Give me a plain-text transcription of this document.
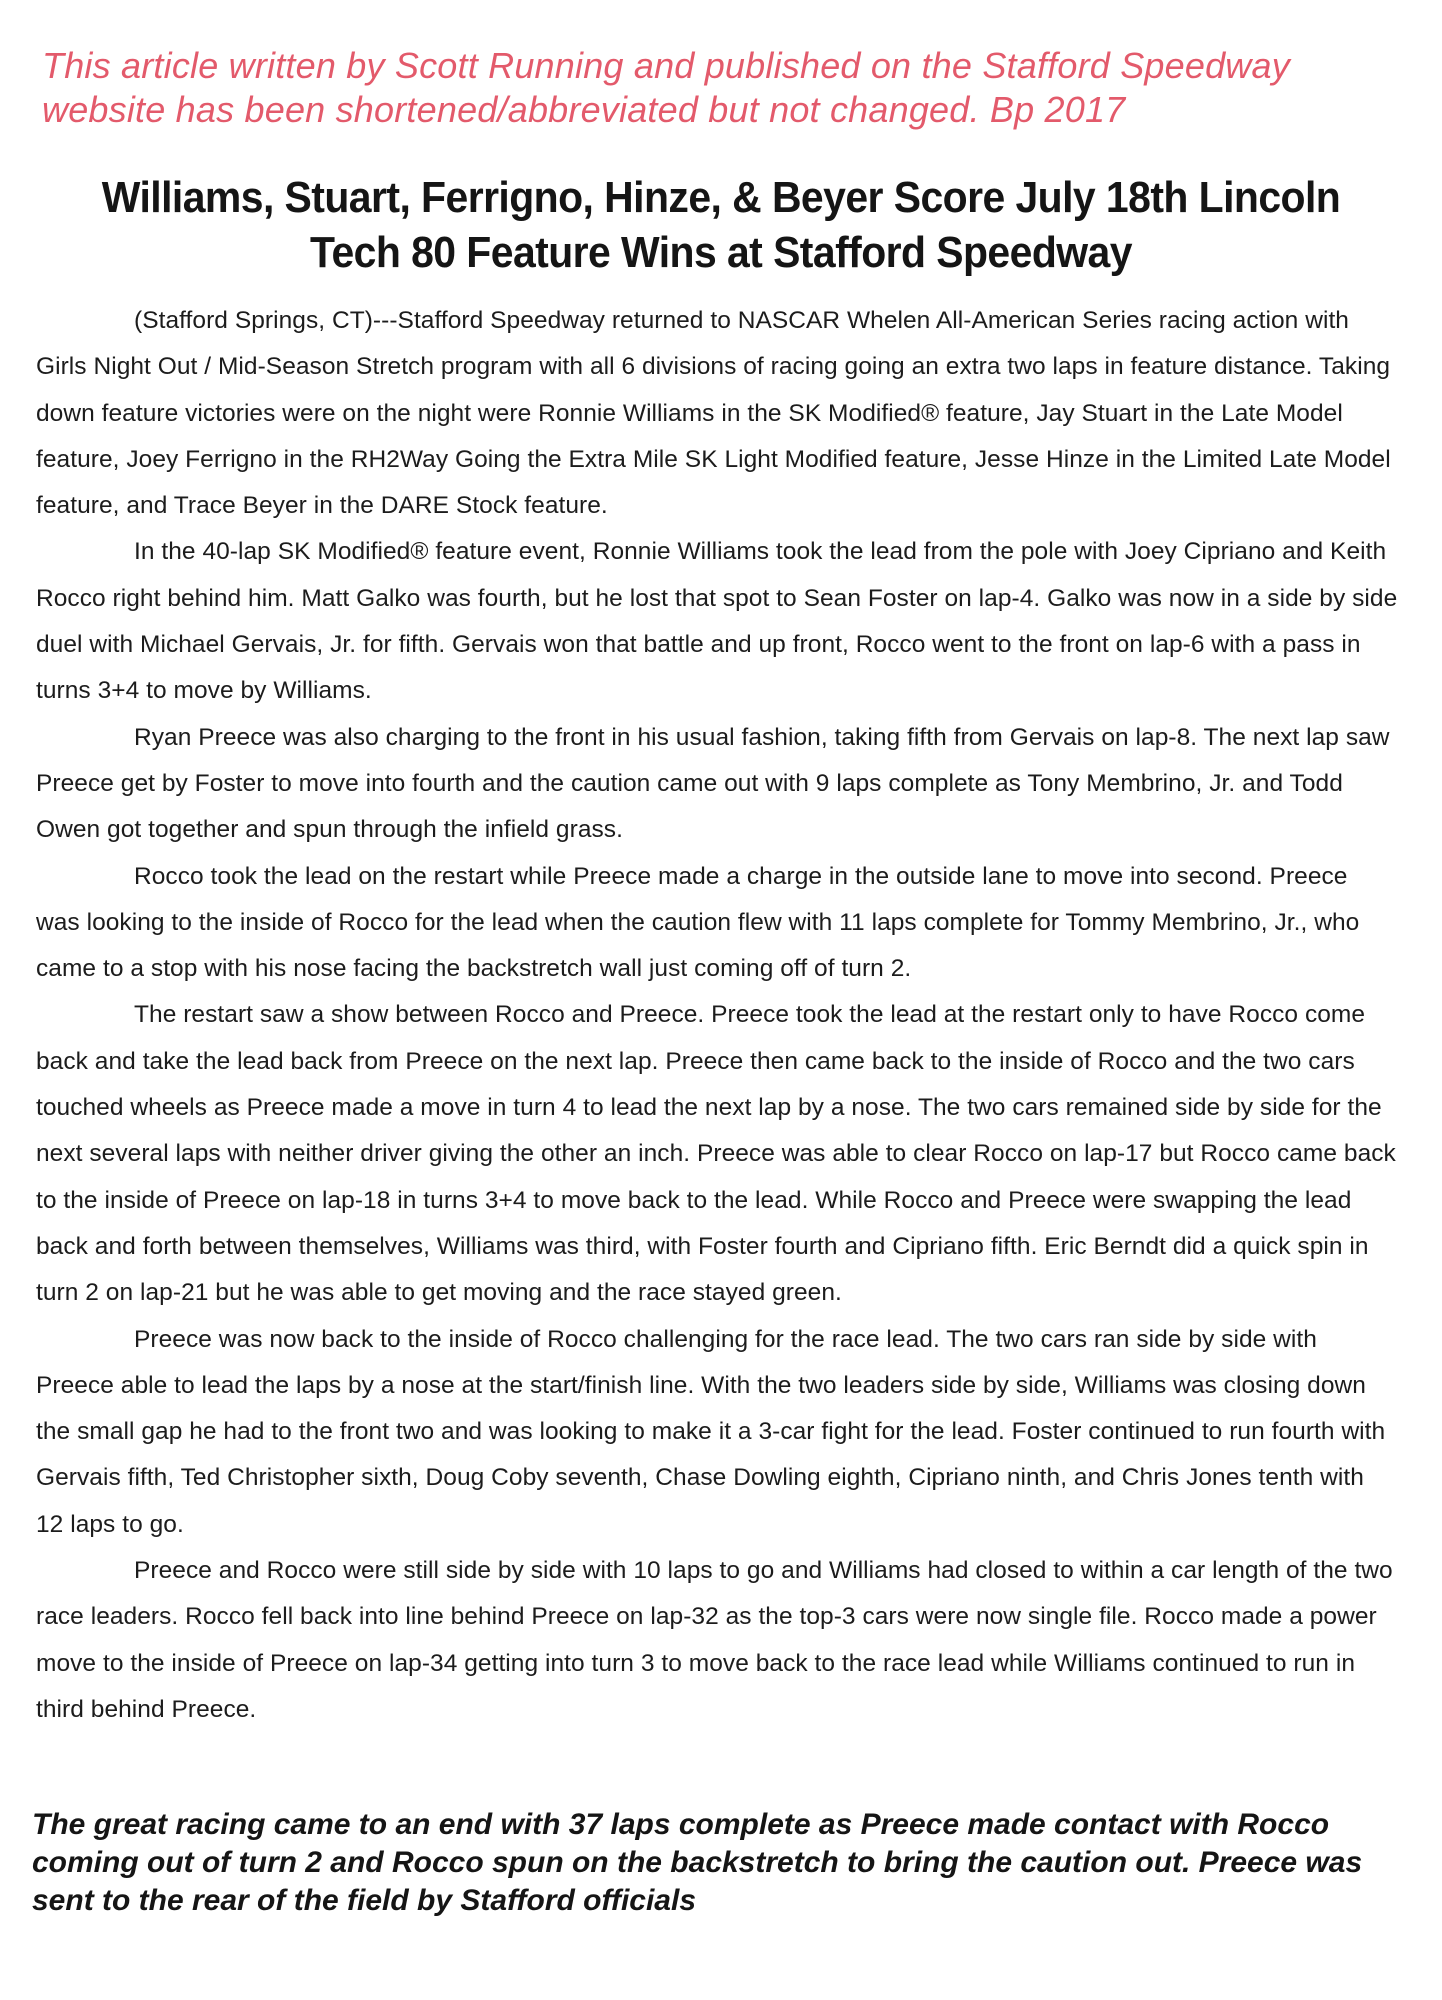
This article written by Scott Running and published on the Stafford Speedway website has been shortened/abbreviated but not changed. Bp 2017
Williams, Stuart, Ferrigno, Hinze, & Beyer Score July 18th Lincoln Tech 80 Feature Wins at Stafford Speedway

(Stafford Springs, CT)---Stafford Speedway returned to NASCAR Whelen All-American Series racing action with Girls Night Out / Mid-Season Stretch program with all 6 divisions of racing going an extra two laps in feature distance. Taking down feature victories were on the night were Ronnie Williams in the SK Modified® feature, Jay Stuart in the Late Model feature, Joey Ferrigno in the RH2Way Going the Extra Mile SK Light Modified feature, Jesse Hinze in the Limited Late Model feature, and Trace Beyer in the DARE Stock feature.

In the 40-lap SK Modified® feature event, Ronnie Williams took the lead from the pole with Joey Cipriano and Keith Rocco right behind him. Matt Galko was fourth, but he lost that spot to Sean Foster on lap-4. Galko was now in a side by side duel with Michael Gervais, Jr. for fifth. Gervais won that battle and up front, Rocco went to the front on lap-6 with a pass in turns 3+4 to move by Williams.

Ryan Preece was also charging to the front in his usual fashion, taking fifth from Gervais on lap-8. The next lap saw Preece get by Foster to move into fourth and the caution came out with 9 laps complete as Tony Membrino, Jr. and Todd Owen got together and spun through the infield grass.

Rocco took the lead on the restart while Preece made a charge in the outside lane to move into second. Preece was looking to the inside of Rocco for the lead when the caution flew with 11 laps complete for Tommy Membrino, Jr., who came to a stop with his nose facing the backstretch wall just coming off of turn 2.

The restart saw a show between Rocco and Preece. Preece took the lead at the restart only to have Rocco come back and take the lead back from Preece on the next lap. Preece then came back to the inside of Rocco and the two cars touched wheels as Preece made a move in turn 4 to lead the next lap by a nose. The two cars remained side by side for the next several laps with neither driver giving the other an inch. Preece was able to clear Rocco on lap-17 but Rocco came back to the inside of Preece on lap-18 in turns 3+4 to move back to the lead. While Rocco and Preece were swapping the lead back and forth between themselves, Williams was third, with Foster fourth and Cipriano fifth. Eric Berndt did a quick spin in turn 2 on lap-21 but he was able to get moving and the race stayed green.

Preece was now back to the inside of Rocco challenging for the race lead. The two cars ran side by side with Preece able to lead the laps by a nose at the start/finish line. With the two leaders side by side, Williams was closing down the small gap he had to the front two and was looking to make it a 3-car fight for the lead. Foster continued to run fourth with Gervais fifth, Ted Christopher sixth, Doug Coby seventh, Chase Dowling eighth, Cipriano ninth, and Chris Jones tenth with 12 laps to go.

Preece and Rocco were still side by side with 10 laps to go and Williams had closed to within a car length of the two race leaders. Rocco fell back into line behind Preece on lap-32 as the top-3 cars were now single file. Rocco made a power move to the inside of Preece on lap-34 getting into turn 3 to move back to the race lead while Williams continued to run in third behind Preece.

The great racing came to an end with 37 laps complete as Preece made contact with Rocco coming out of turn 2 and Rocco spun on the backstretch to bring the caution out. Preece was sent to the rear of the field by Stafford officials
